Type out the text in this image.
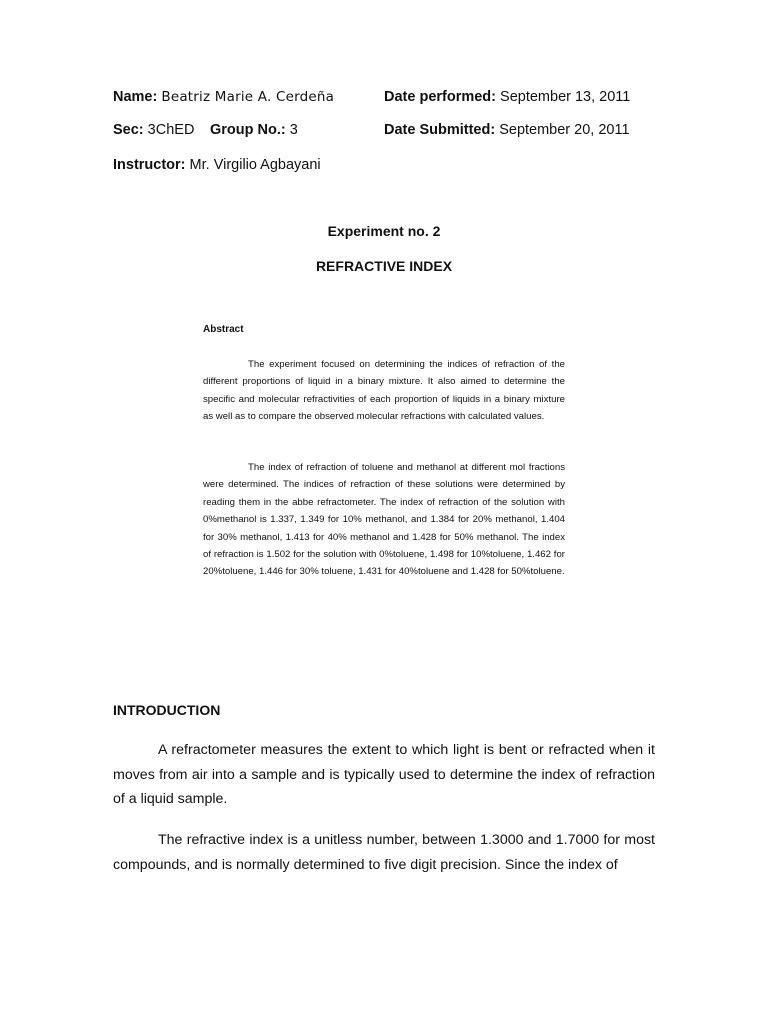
Name: Beatriz Marie A. Cerdeña	Date performed: September 13, 2011
Sec: 3ChED Group No.: 3	Date Submitted: September 20, 2011
Instructor: Mr. Virgilio Agbayani
Experiment no. 2
REFRACTIVE INDEX
Abstract

The experiment focused on determining the indices of refraction of the different proportions of liquid in a binary mixture. It also aimed to determine the specific and molecular refractivities of each proportion of liquids in a binary mixture as well as to compare the observed molecular refractions with calculated values.

The index of refraction of toluene and methanol at different mol fractions were determined. The indices of refraction of these solutions were determined by reading them in the abbe refractometer. The index of refraction of the solution with 0%methanol is 1.337, 1.349 for 10% methanol, and 1.384 for 20% methanol, 1.404 for 30% methanol, 1.413 for 40% methanol and 1.428 for 50% methanol. The index of refraction is 1.502 for the solution with 0%toluene, 1.498 for 10%toluene, 1.462 for 20%toluene, 1.446 for 30% toluene, 1.431 for 40%toluene and 1.428 for 50%toluene.

INTRODUCTION

A refractometer measures the extent to which light is bent or refracted when it moves from air into a sample and is typically used to determine the index of refraction of a liquid sample.

The refractive index is a unitless number, between 1.3000 and 1.7000 for most compounds, and is normally determined to five digit precision. Since the index of
